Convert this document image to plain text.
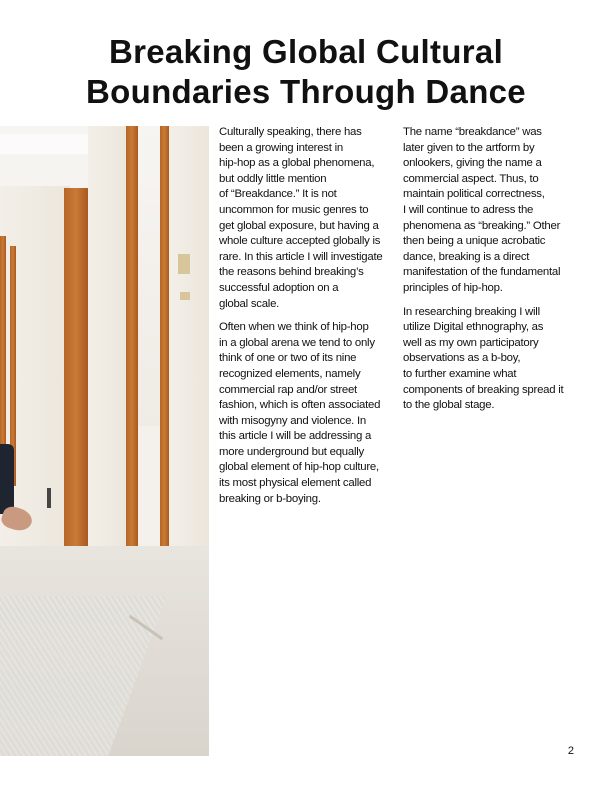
Breaking Global Cultural
Boundaries Through Dance

Culturally speaking, there has
been a growing interest in
hip-hop as a global phenomena,
but oddly little mention
of “Breakdance.” It is not
uncommon for music genres to
get global exposure, but having a
whole culture accepted globally is
rare. In this article I will investigate
the reasons behind breaking’s
successful adoption on a
global scale.

Often when we think of hip-hop
in a global arena we tend to only
think of one or two of its nine
recognized elements, namely
commercial rap and/or street
fashion, which is often associated
with misogyny and violence. In
this article I will be addressing a
more underground but equally
global element of hip-hop culture,
its most physical element called
breaking or b-boying.

The name “breakdance” was
later given to the artform by
onlookers, giving the name a
commercial aspect. Thus, to
maintain political correctness,
I will continue to adress the
phenomena as “breaking.” Other
then being a unique acrobatic
dance, breaking is a direct
manifestation of the fundamental
principles of hip-hop.

In researching breaking I will
utilize Digital ethnography, as
well as my own participatory
observations as a b-boy,
to further examine what
components of breaking spread it
to the global stage.

2
